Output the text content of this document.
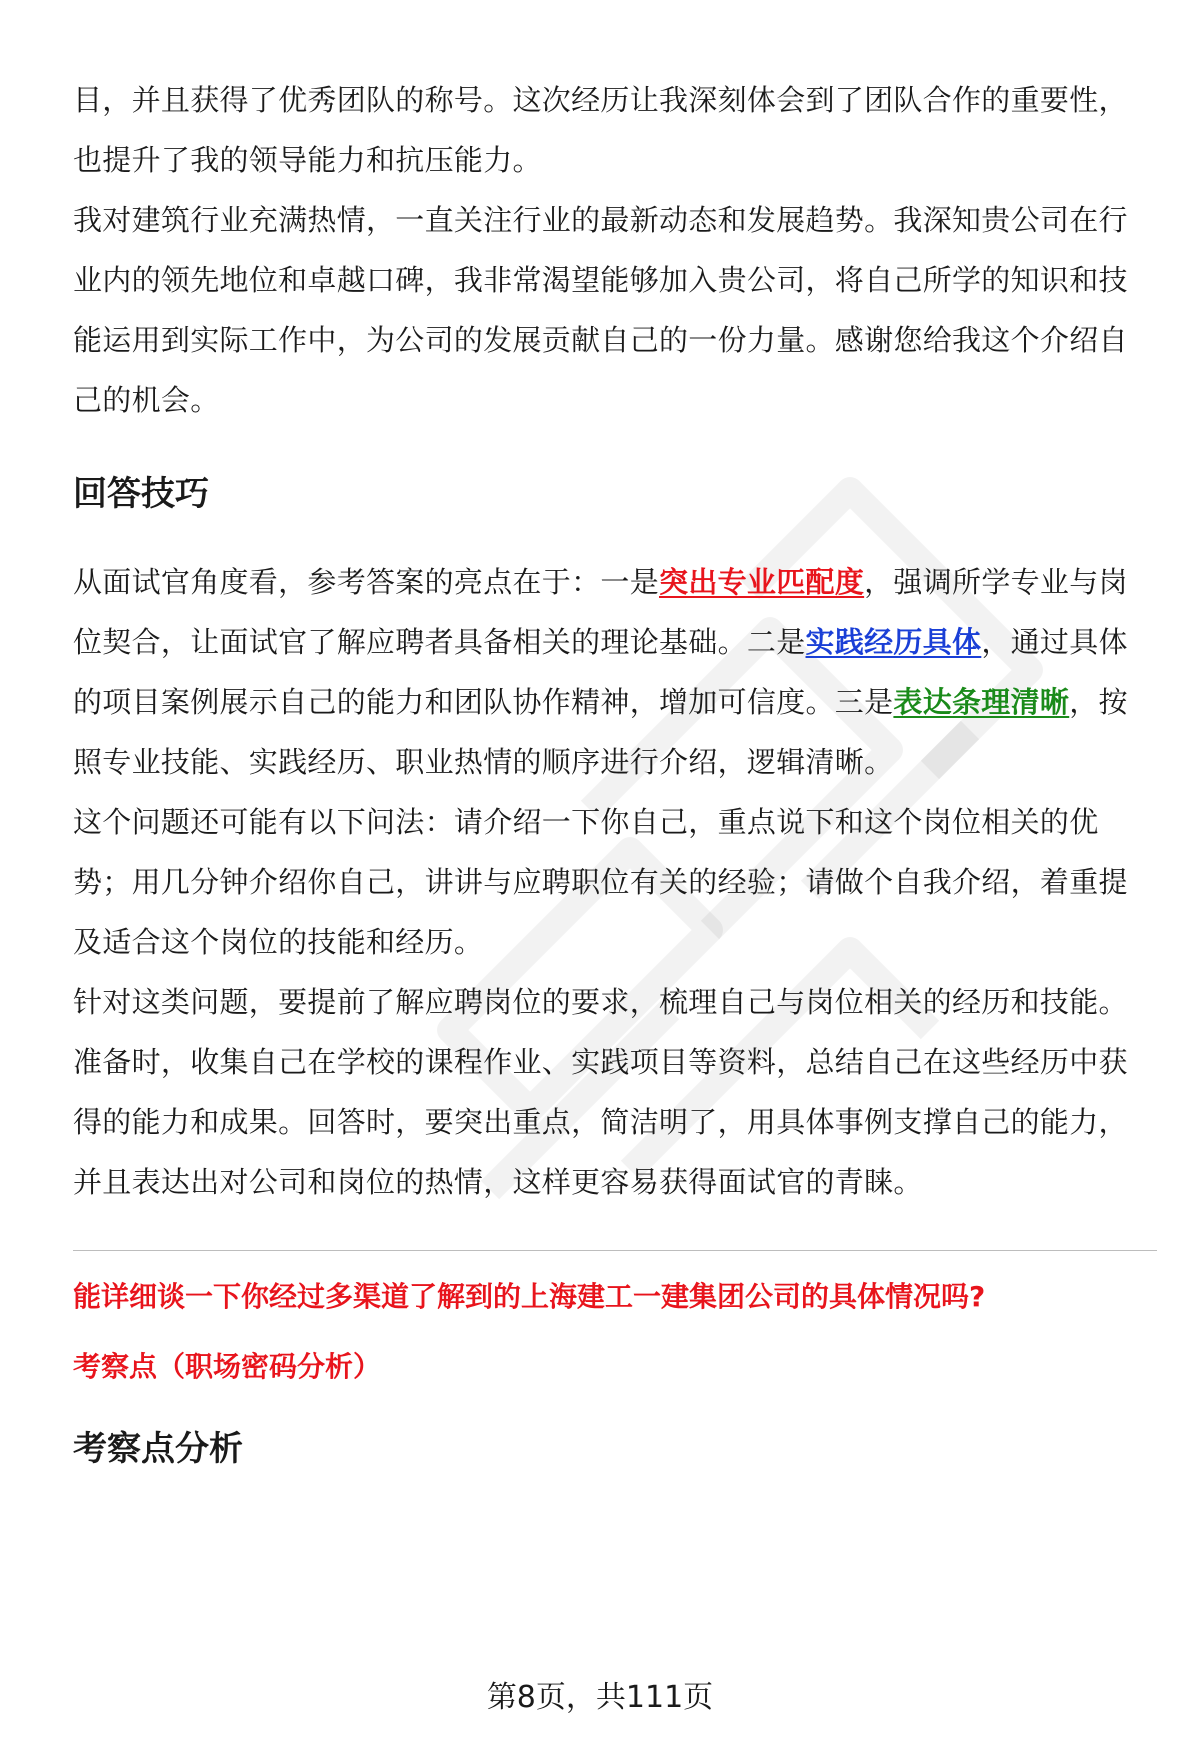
目，并且获得了优秀团队的称号。这次经历让我深刻体会到了团队合作的重要性，也提升了我的领导能力和抗压能力。

我对建筑行业充满热情，一直关注行业的最新动态和发展趋势。我深知贵公司在行业内的领先地位和卓越口碑，我非常渴望能够加入贵公司，将自己所学的知识和技能运用到实际工作中，为公司的发展贡献自己的一份力量。感谢您给我这个介绍自己的机会。

回答技巧

从面试官角度看，参考答案的亮点在于：一是突出专业匹配度，强调所学专业与岗位契合，让面试官了解应聘者具备相关的理论基础。二是实践经历具体，通过具体的项目案例展示自己的能力和团队协作精神，增加可信度。三是表达条理清晰，按照专业技能、实践经历、职业热情的顺序进行介绍，逻辑清晰。

这个问题还可能有以下问法：请介绍一下你自己，重点说下和这个岗位相关的优势；用几分钟介绍你自己，讲讲与应聘职位有关的经验；请做个自我介绍，着重提及适合这个岗位的技能和经历。

针对这类问题，要提前了解应聘岗位的要求，梳理自己与岗位相关的经历和技能。准备时，收集自己在学校的课程作业、实践项目等资料，总结自己在这些经历中获得的能力和成果。回答时，要突出重点，简洁明了，用具体事例支撑自己的能力，并且表达出对公司和岗位的热情，这样更容易获得面试官的青睐。

能详细谈一下你经过多渠道了解到的上海建工一建集团公司的具体情况吗?

考察点（职场密码分析）

考察点分析
第8页，共111页
